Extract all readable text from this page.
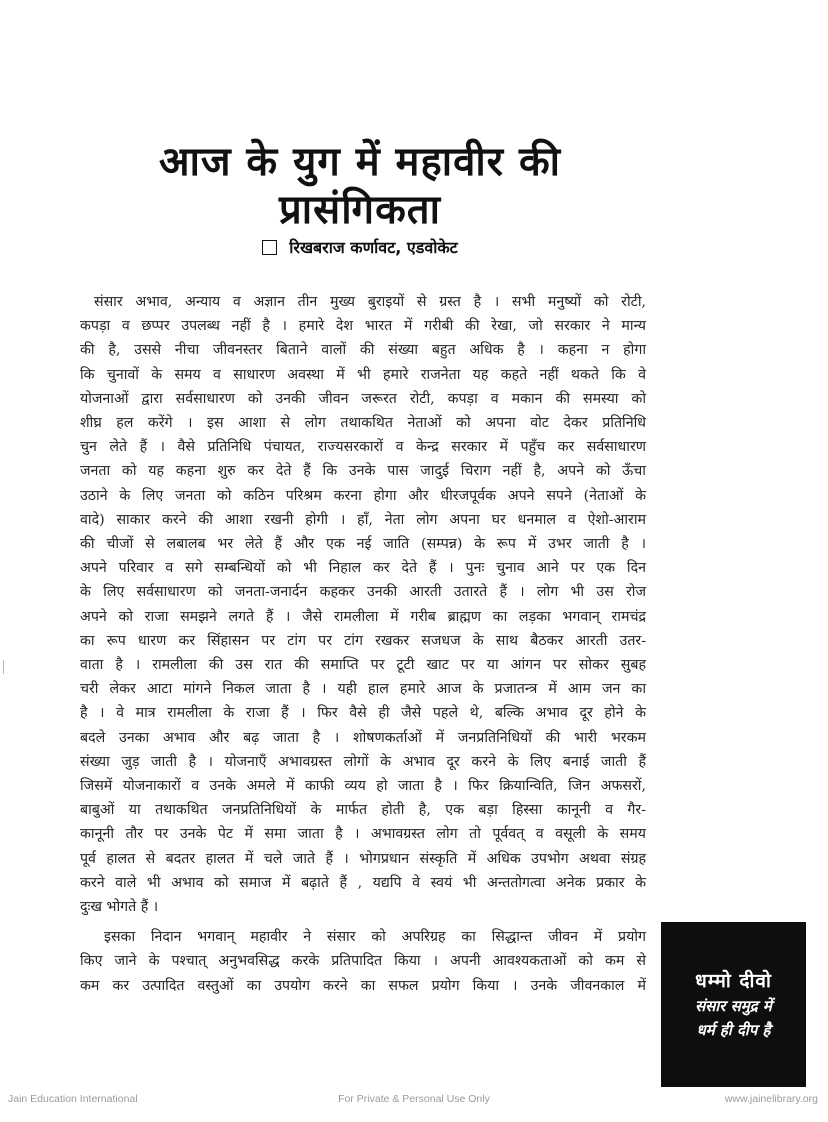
आज के युग में महावीर की
प्रासंगिकता
रिखबराज कर्णावट, एडवोकेट
संसार अभाव, अन्याय व अज्ञान तीन मुख्य बुराइयों से ग्रस्त है । सभी मनुष्यों को रोटी,
कपड़ा व छप्पर उपलब्ध नहीं है । हमारे देश भारत में गरीबी की रेखा, जो सरकार ने मान्य
की है, उससे नीचा जीवनस्तर बिताने वालों की संख्या बहुत अधिक है । कहना न होगा
कि चुनावों के समय व साधारण अवस्था में भी हमारे राजनेता यह कहते नहीं थकते कि वे
योजनाओं द्वारा सर्वसाधारण को उनकी जीवन जरूरत रोटी, कपड़ा व मकान की समस्या को
शीघ्र हल करेंगे । इस आशा से लोग तथाकथित नेताओं को अपना वोट देकर प्रतिनिधि
चुन लेते हैं । वैसे प्रतिनिधि पंचायत, राज्यसरकारों व केन्द्र सरकार में पहुँच कर सर्वसाधारण
जनता को यह कहना शुरु कर देते हैं कि उनके पास जादुई चिराग नहीं है, अपने को ऊँचा
उठाने के लिए जनता को कठिन परिश्रम करना होगा और धीरजपूर्वक अपने सपने (नेताओं के
वादे) साकार करने की आशा रखनी होगी । हाँ, नेता लोग अपना घर धनमाल व ऐशो-आराम
की चीजों से लबालब भर लेते हैं और एक नई जाति (सम्पन्न) के रूप में उभर जाती है ।
अपने परिवार व सगे सम्बन्धियों को भी निहाल कर देते हैं । पुनः चुनाव आने पर एक दिन
के लिए सर्वसाधारण को जनता-जनार्दन कहकर उनकी आरती उतारते हैं । लोग भी उस रोज
अपने को राजा समझने लगते हैं । जैसे रामलीला में गरीब ब्राह्मण का लड़का भगवान् रामचंद्र
का रूप धारण कर सिंहासन पर टांग पर टांग रखकर सजधज के साथ बैठकर आरती उतर-
वाता है । रामलीला की उस रात की समाप्ति पर टूटी खाट पर या आंगन पर सोकर सुबह
चरी लेकर आटा मांगने निकल जाता है । यही हाल हमारे आज के प्रजातन्त्र में आम जन का
है । वे मात्र रामलीला के राजा हैं । फिर वैसे ही जैसे पहले थे, बल्कि अभाव दूर होने के
बदले उनका अभाव और बढ़ जाता है । शोषणकर्ताओं में जनप्रतिनिधियों की भारी भरकम
संख्या जुड़ जाती है । योजनाएँ अभावग्रस्त लोगों के अभाव दूर करने के लिए बनाई जाती हैं
जिसमें योजनाकारों व उनके अमले में काफी व्यय हो जाता है । फिर क्रियान्विति, जिन अफसरों,
बाबुओं या तथाकथित जनप्रतिनिधियों के मार्फत होती है, एक बड़ा हिस्सा कानूनी व गैर-
कानूनी तौर पर उनके पेट में समा जाता है । अभावग्रस्त लोग तो पूर्ववत् व वसूली के समय
पूर्व हालत से बदतर हालत में चले जाते हैं । भोगप्रधान संस्कृति में अधिक उपभोग अथवा संग्रह
करने वाले भी अभाव को समाज में बढ़ाते हैं , यद्यपि वे स्वयं भी अन्ततोगत्वा अनेक प्रकार के
दुःख भोगते हैं ।
इसका निदान भगवान् महावीर ने संसार को अपरिग्रह का सिद्धान्त जीवन में प्रयोग
किए जाने के पश्चात् अनुभवसिद्ध करके प्रतिपादित किया । अपनी आवश्यकताओं को कम से
कम कर उत्पादित वस्तुओं का उपयोग करने का सफल प्रयोग किया । उनके जीवनकाल में	धम्मो दीवो
संसार समुद्र में
धर्म ही दीप है
Jain Education International	For Private & Personal Use Only	www.jainelibrary.org
